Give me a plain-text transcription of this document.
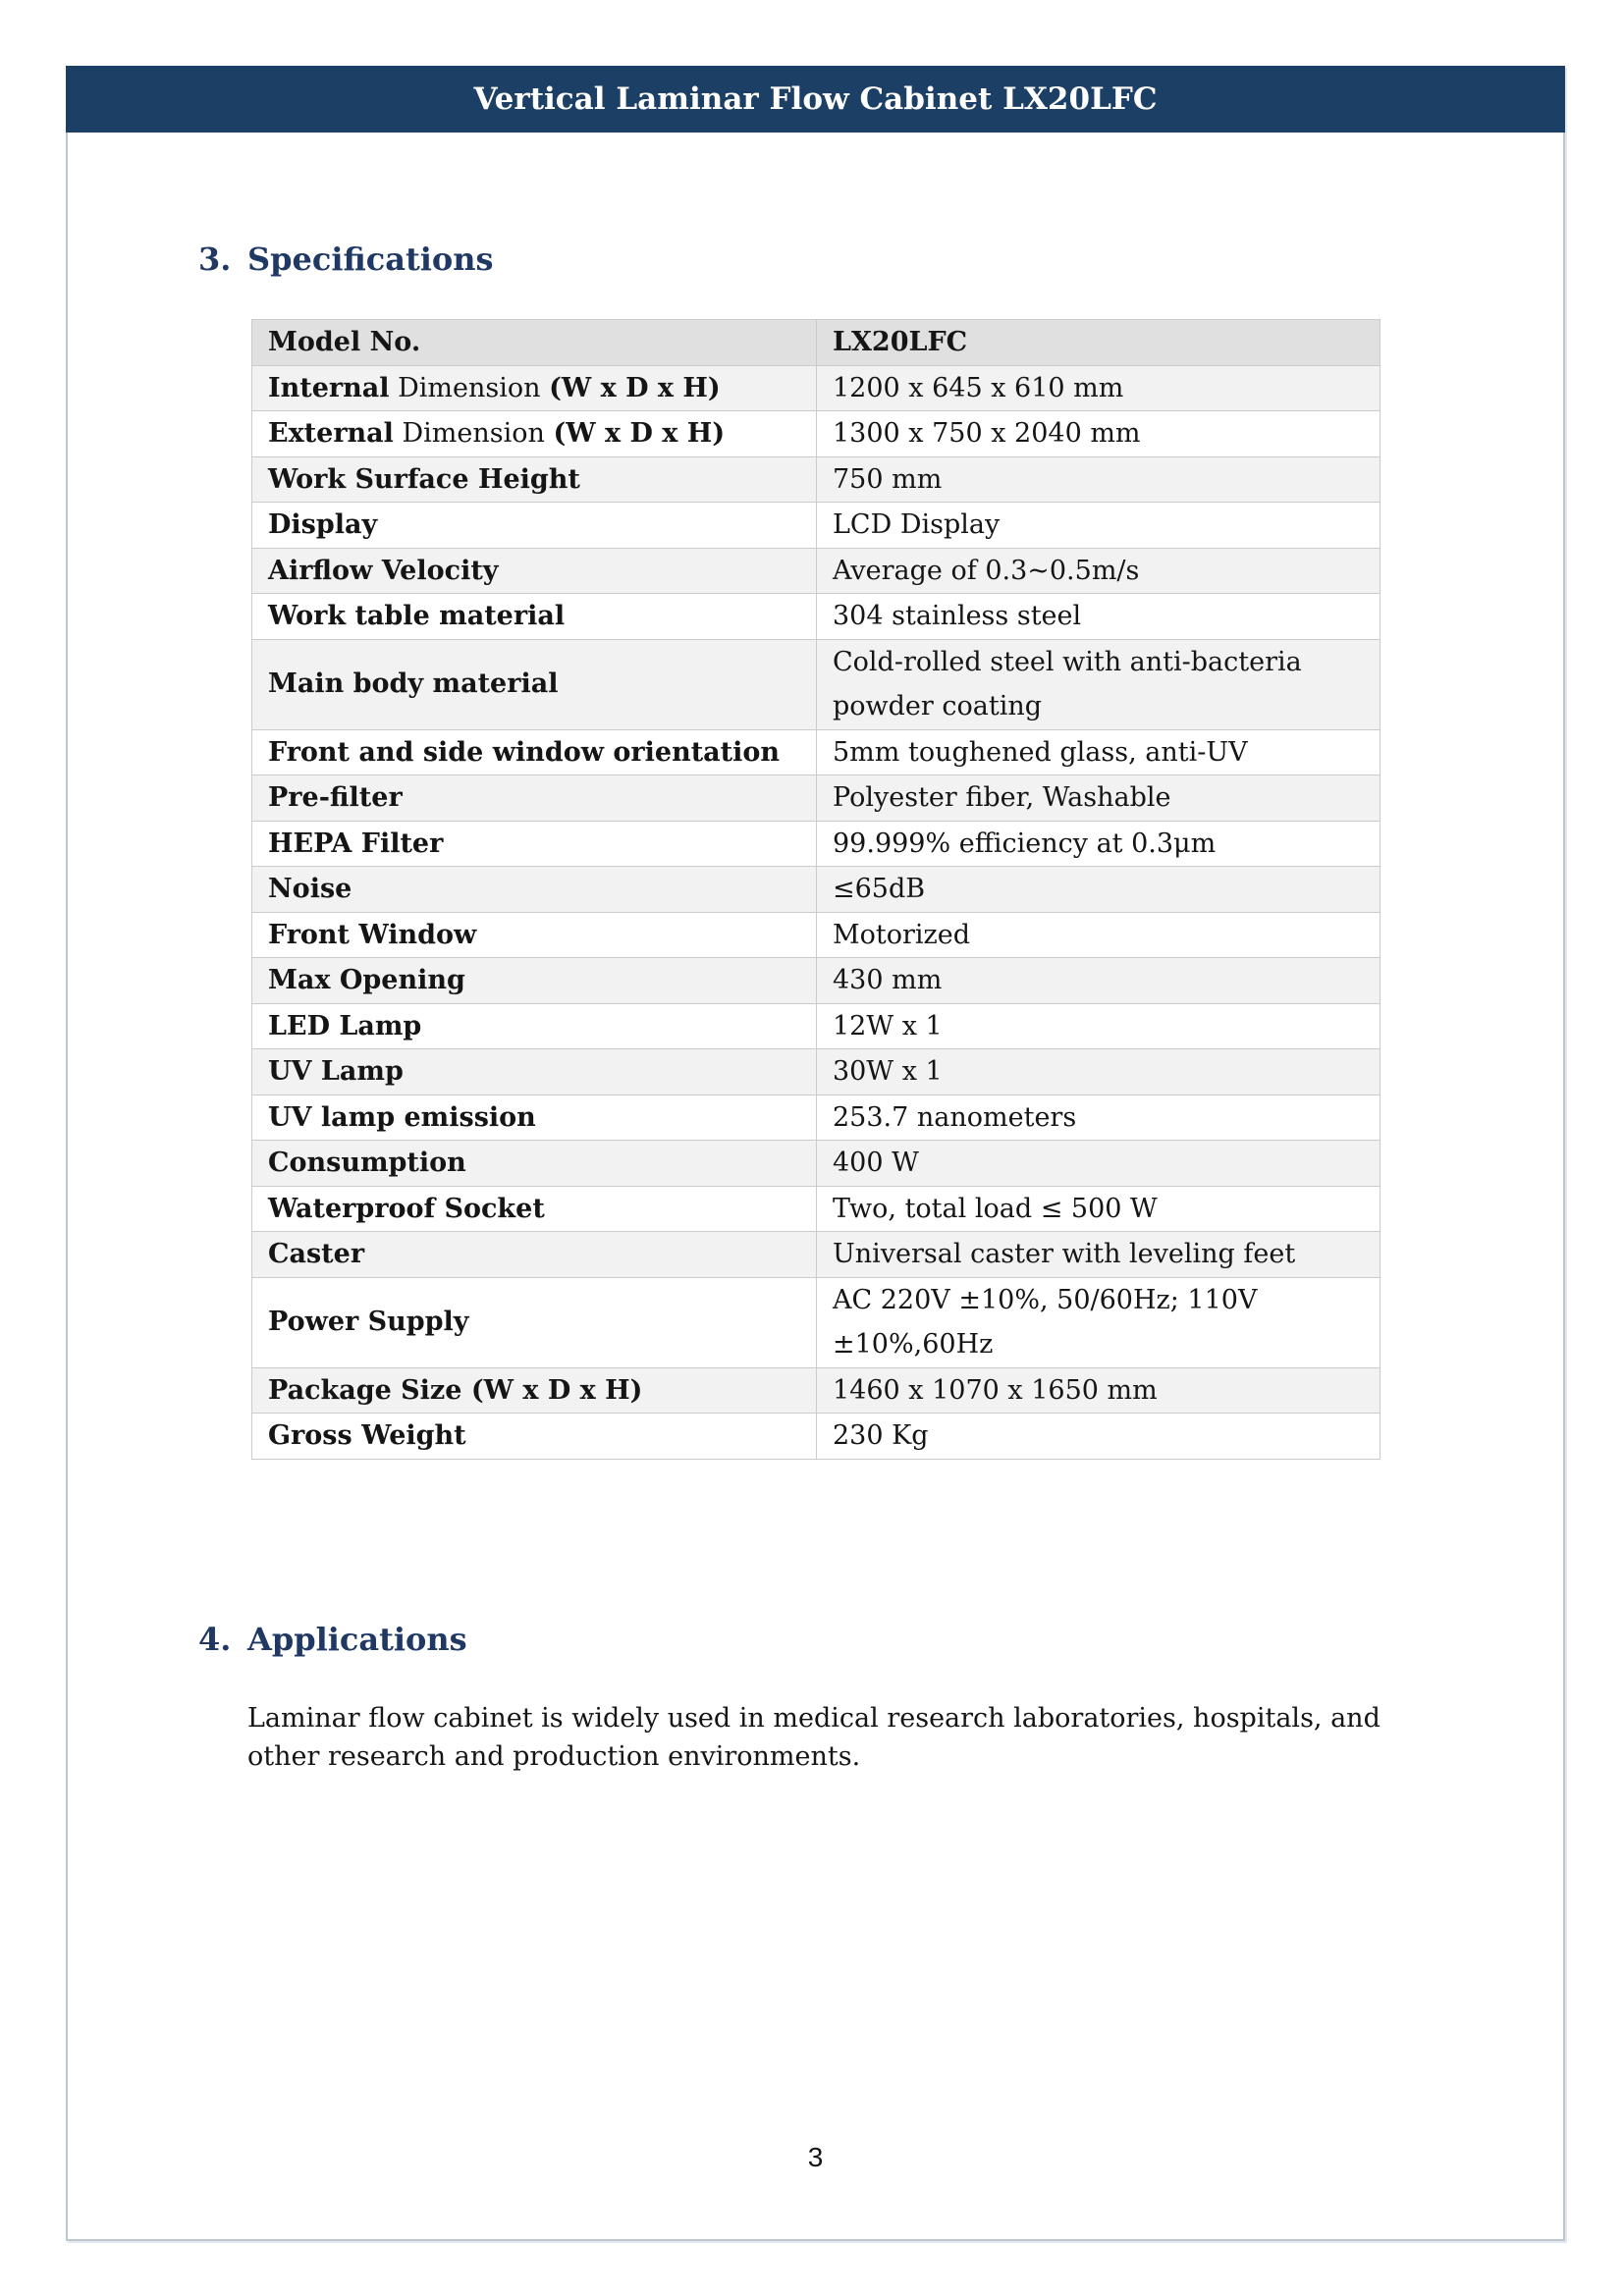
Vertical Laminar Flow Cabinet LX20LFC
3. Specifications
Model No.	LX20LFC
Internal Dimension (W x D x H)	1200 x 645 x 610 mm

External Dimension (W x D x H)	1300 x 750 x 2040 mm

Work Surface Height	750 mm

Display	LCD Display

Airflow Velocity	Average of 0.3~0.5m/s

Work table material	304 stainless steel

Main body material	Cold-rolled steel with anti-bacteria
powder coating

Front and side window orientation	5mm toughened glass, anti-UV

Pre-filter	Polyester fiber, Washable

HEPA Filter	99.999% efficiency at 0.3μm

Noise	≤65dB

Front Window	Motorized

Max Opening	430 mm

LED Lamp	12W x 1

UV Lamp	30W x 1

UV lamp emission	253.7 nanometers

Consumption	400 W

Waterproof Socket	Two, total load ≤ 500 W

Caster	Universal caster with leveling feet

Power Supply	AC 220V ±10%, 50/60Hz; 110V
±10%,60Hz

Package Size (W x D x H)	1460 x 1070 x 1650 mm

Gross Weight	230 Kg
4. Applications
Laminar flow cabinet is widely used in medical research laboratories, hospitals, and
other research and production environments.
3
